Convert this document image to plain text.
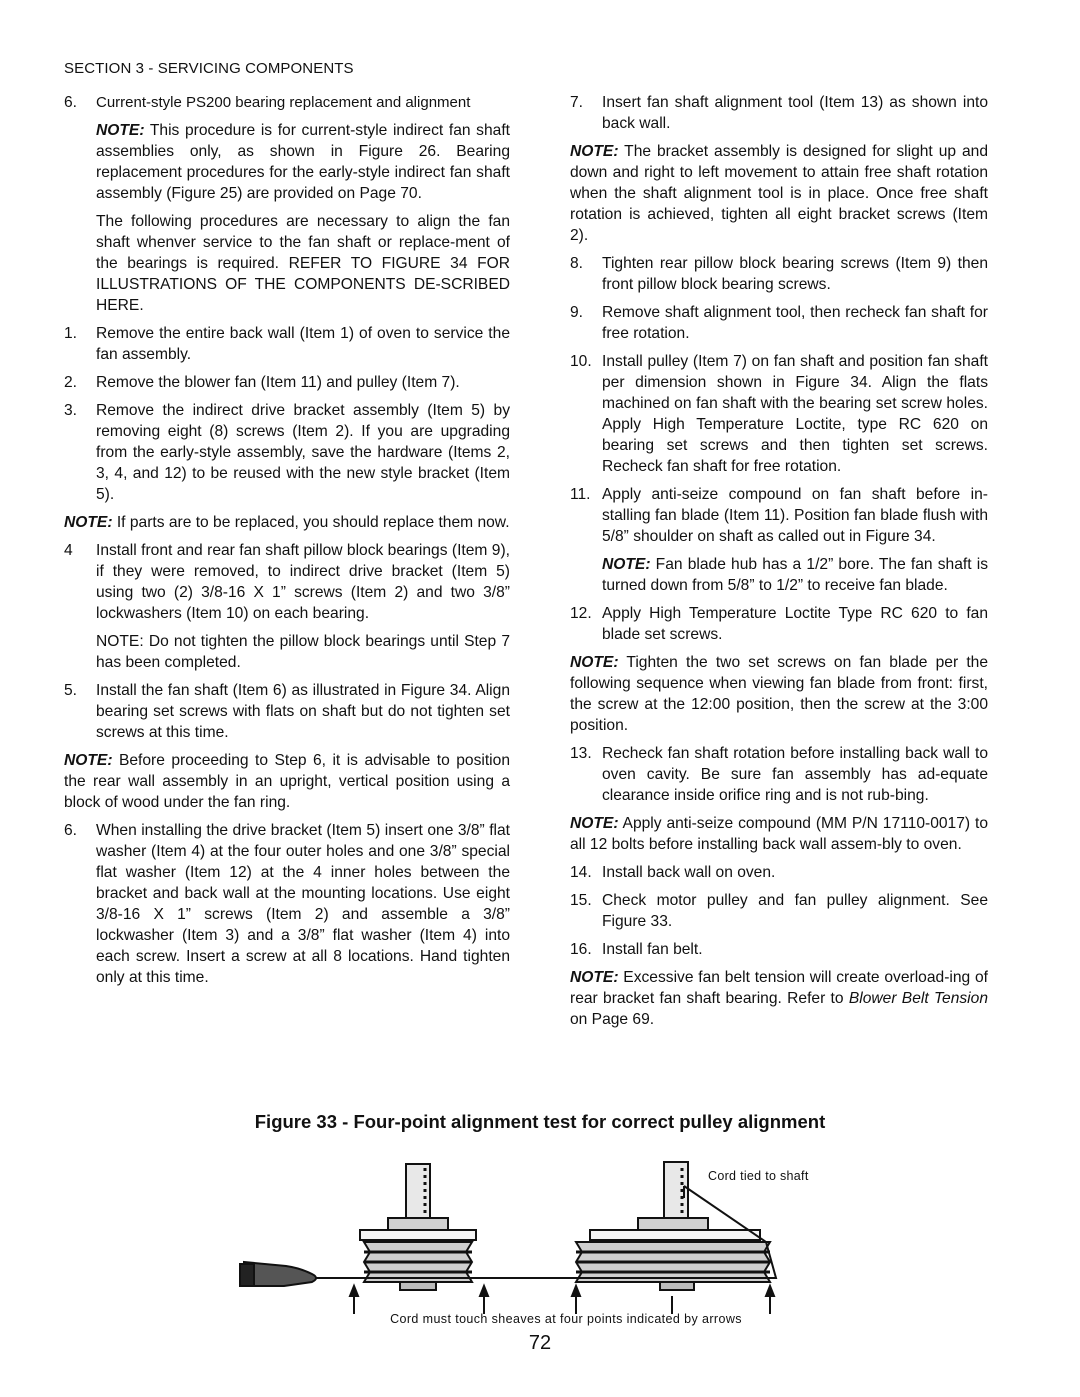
SECTION 3 - SERVICING COMPONENTS
6.	Current-style PS200 bearing replacement and alignment
NOTE: This procedure is for current-style indirect fan shaft assemblies only, as shown in Figure 26. Bearing replacement procedures for the early-style indirect fan shaft assembly (Figure 25) are provided on Page 70.
The following procedures are necessary to align the fan shaft whenver service to the fan shaft or replace-ment of the bearings is required. REFER TO FIGURE 34 FOR ILLUSTRATIONS OF THE COMPONENTS DE-SCRIBED HERE.
1.	Remove the entire back wall (Item 1) of oven to service the fan assembly.
2.	Remove the blower fan (Item 11) and pulley (Item 7).
3.	Remove the indirect drive bracket assembly (Item 5) by removing eight (8) screws (Item 2). If you are upgrading from the early-style assembly, save the hardware (Items 2, 3, 4, and 12) to be reused with the new style bracket (Item 5).
NOTE: If parts are to be replaced, you should replace them now.
4	Install front and rear fan shaft pillow block bearings (Item 9), if they were removed, to indirect drive bracket (Item 5) using two (2) 3/8-16 X 1” screws (Item 2) and two 3/8” lockwashers (Item 10) on each bearing.
NOTE: Do not tighten the pillow block bearings until Step 7 has been completed.
5.	Install the fan shaft (Item 6) as illustrated in Figure 34. Align bearing set screws with flats on shaft but do not tighten set screws at this time.
NOTE: Before proceeding to Step 6, it is advisable to position the rear wall assembly in an upright, vertical position using a block of wood under the fan ring.
6.	When installing the drive bracket (Item 5) insert one 3/8” flat washer (Item 4) at the four outer holes and one 3/8” special flat washer (Item 12) at the 4 inner holes between the bracket and back wall at the mounting locations. Use eight 3/8-16 X 1” screws (Item 2) and assemble a 3/8” lockwasher (Item 3) and a 3/8” flat washer (Item 4) into each screw. Insert a screw at all 8 locations. Hand tighten only at this time.
7.	Insert fan shaft alignment tool (Item 13) as shown into back wall.
NOTE: The bracket assembly is designed for slight up and down and right to left movement to attain free shaft rotation when the shaft alignment tool is in place. Once free shaft rotation is achieved, tighten all eight bracket screws (Item 2).
8.	Tighten rear pillow block bearing screws (Item 9) then front pillow block bearing screws.
9.	Remove shaft alignment tool, then recheck fan shaft for free rotation.
10. Install pulley (Item 7) on fan shaft and position fan shaft per dimension shown in Figure 34. Align the flats machined on fan shaft with the bearing set screw holes. Apply High Temperature Loctite, type RC 620 on bearing set screws and then tighten set screws. Recheck fan shaft for free rotation.
11. Apply anti-seize compound on fan shaft before in-stalling fan blade (Item 11). Position fan blade flush with 5/8” shoulder on shaft as called out in Figure 34.
NOTE: Fan blade hub has a 1/2” bore. The fan shaft is turned down from 5/8” to 1/2” to receive fan blade.
12. Apply High Temperature Loctite Type RC 620 to fan blade set screws.
NOTE: Tighten the two set screws on fan blade per the following sequence when viewing fan blade from front: first, the screw at the 12:00 position, then the screw at the 3:00 position.
13. Recheck fan shaft rotation before installing back wall to oven cavity. Be sure fan assembly has ad-equate clearance inside orifice ring and is not rub-bing.
NOTE: Apply anti-seize compound (MM P/N 17110-0017) to all 12 bolts before installing back wall assem-bly to oven.
14. Install back wall on oven.
15. Check motor pulley and fan pulley alignment. See Figure 33.
16. Install fan belt.
NOTE: Excessive fan belt tension will create overload-ing of rear bracket fan shaft bearing. Refer to Blower Belt Tension on Page 69.
Figure 33 - Four-point alignment test for correct pulley alignment
Cord tied to shaft
Cord must touch sheaves at four points indicated by arrows
72
